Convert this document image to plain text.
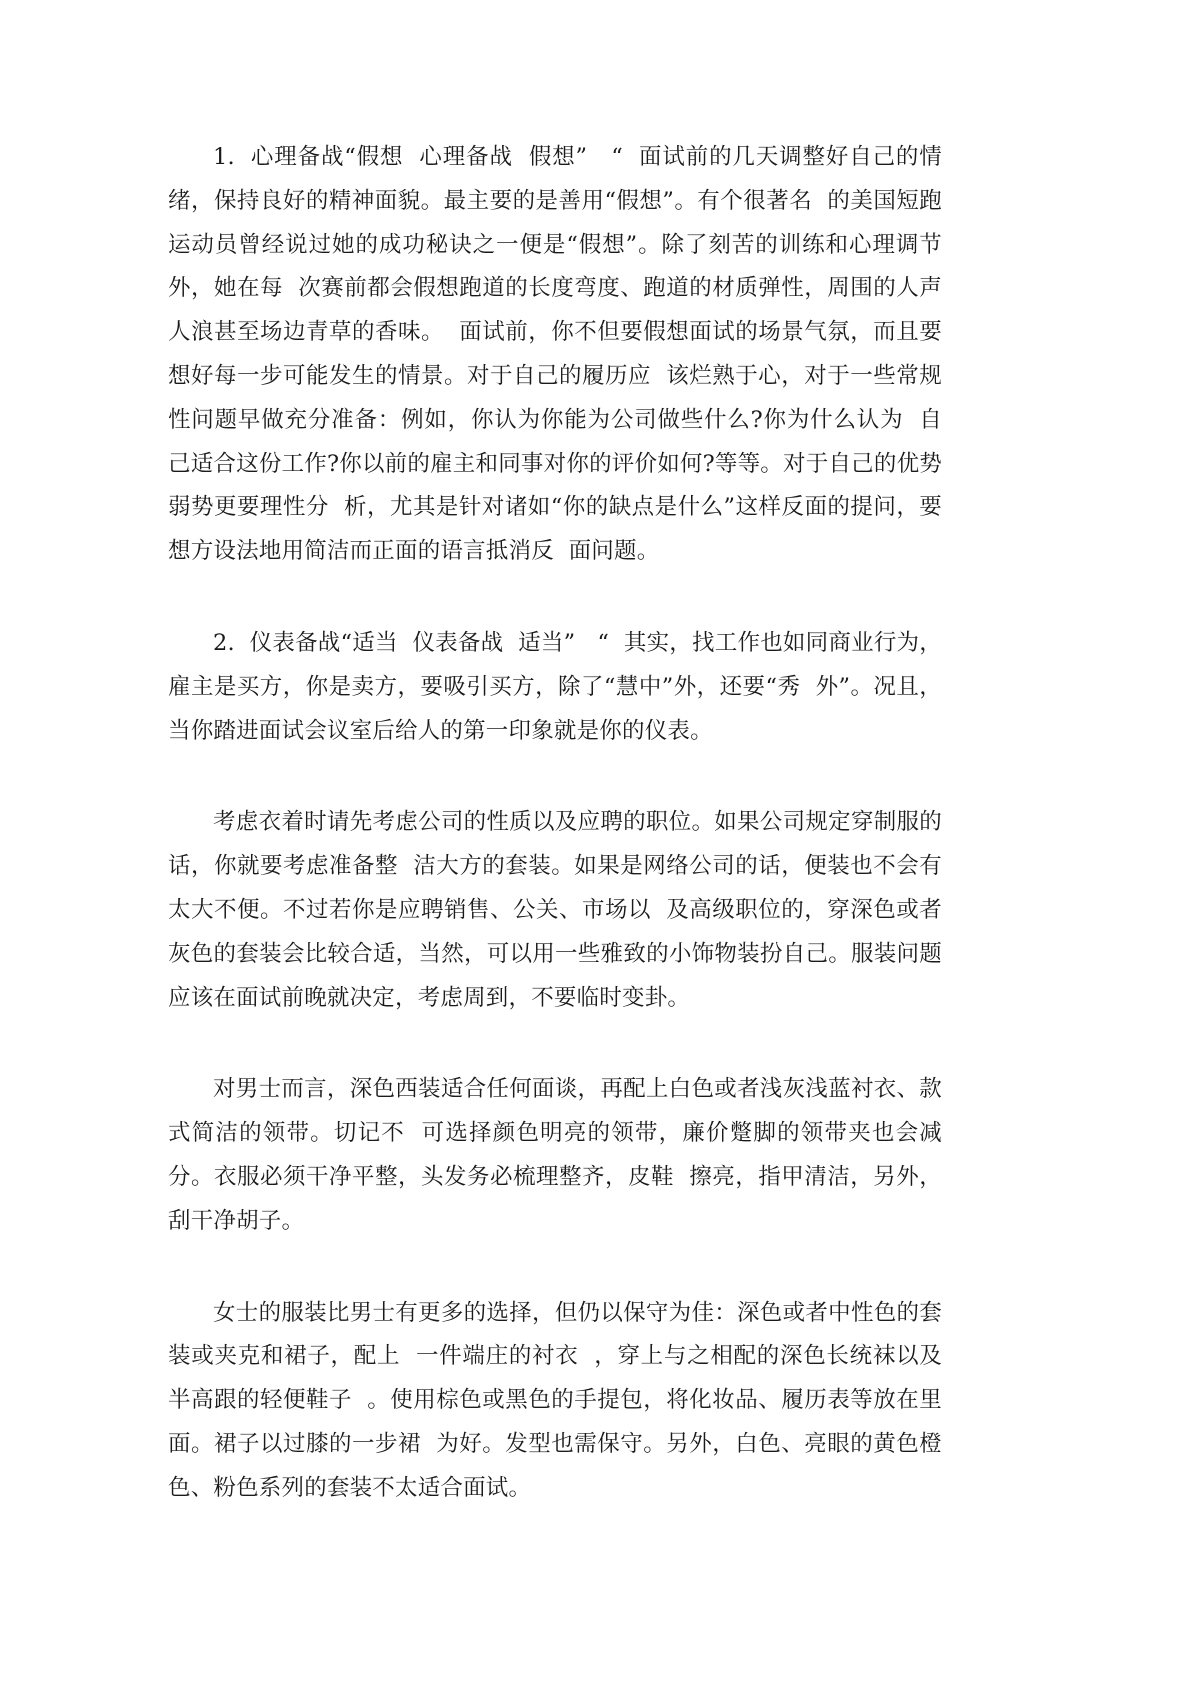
1.  心理备战“假想  心理备战  假想”   “  面试前的几天调整好自己的情绪，保持良好的精神面貌。最主要的是善用“假想”。有个很著名  的美国短跑运动员曾经说过她的成功秘诀之一便是“假想”。除了刻苦的训练和心理调节外，她在每  次赛前都会假想跑道的长度弯度、跑道的材质弹性，周围的人声人浪甚至场边青草的香味。  面试前，你不但要假想面试的场景气氛，而且要想好每一步可能发生的情景。对于自己的履历应  该烂熟于心，对于一些常规性问题早做充分准备：例如，你认为你能为公司做些什么?你为什么认为  自己适合这份工作?你以前的雇主和同事对你的评价如何?等等。对于自己的优势弱势更要理性分  析，尤其是针对诸如“你的缺点是什么”这样反面的提问，要想方设法地用简洁而正面的语言抵消反  面问题。

2.  仪表备战“适当  仪表备战  适当”   “  其实，找工作也如同商业行为，雇主是买方，你是卖方，要吸引买方，除了“慧中”外，还要“秀  外”。况且，当你踏进面试会议室后给人的第一印象就是你的仪表。

考虑衣着时请先考虑公司的性质以及应聘的职位。如果公司规定穿制服的话，你就要考虑准备整  洁大方的套装。如果是网络公司的话，便装也不会有太大不便。不过若你是应聘销售、公关、市场以  及高级职位的，穿深色或者灰色的套装会比较合适，当然，可以用一些雅致的小饰物装扮自己。服装问题应该在面试前晚就决定，考虑周到，不要临时变卦。

对男士而言，深色西装适合任何面谈，再配上白色或者浅灰浅蓝衬衣、款式简洁的领带。切记不  可选择颜色明亮的领带，廉价蹩脚的领带夹也会减分。衣服必须干净平整，头发务必梳理整齐，皮鞋  擦亮，指甲清洁，另外，刮干净胡子。

女士的服装比男士有更多的选择，但仍以保守为佳：深色或者中性色的套装或夹克和裙子，配上  一件端庄的衬衣  ，穿上与之相配的深色长统袜以及半高跟的轻便鞋子  。使用棕色或黑色的手提包，将化妆品、履历表等放在里面。裙子以过膝的一步裙  为好。发型也需保守。另外，白色、亮眼的黄色橙色、粉色系列的套装不太适合面试。
